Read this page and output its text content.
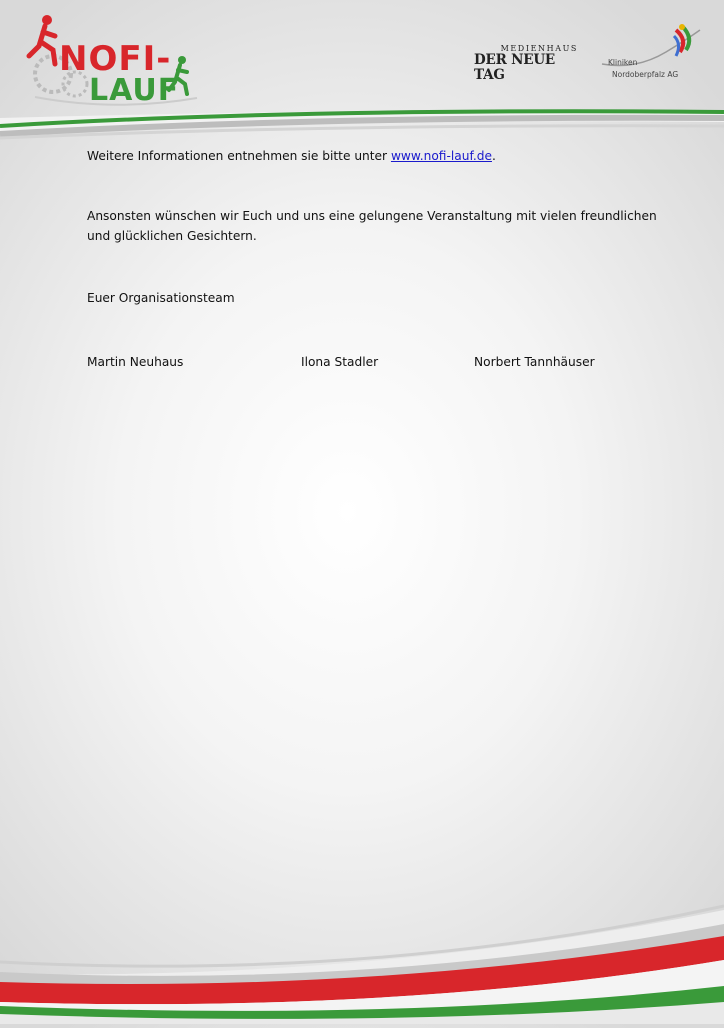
NOFI-
LAUF
MEDIENHAUS
DER NEUE TAG
Kliniken
Nordoberpfalz AG

Weitere Informationen entnehmen sie bitte unter www.nofi-lauf.de.

Ansonsten wünschen wir Euch und uns eine gelungene Veranstaltung mit vielen freundlichen

und glücklichen Gesichtern.

Euer Organisationsteam

Martin Neuhaus	Ilona Stadler	Norbert Tannhäuser
